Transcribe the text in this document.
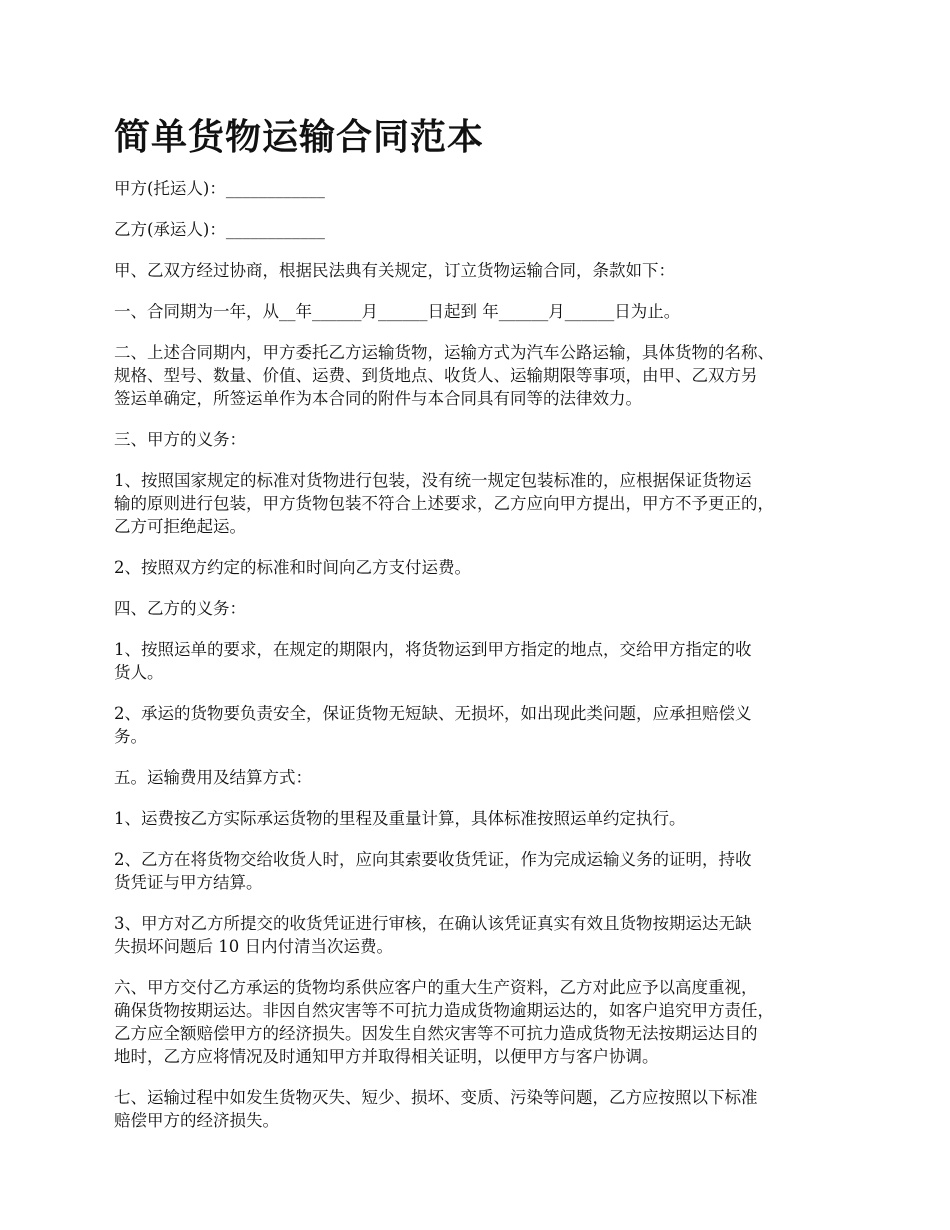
简单货物运输合同范本

甲方(托运人)：____________

乙方(承运人)：____________

甲、乙双方经过协商，根据民法典有关规定，订立货物运输合同，条款如下：

一、合同期为一年，从__年______月______日起到 年______月______日为止。

二、上述合同期内，甲方委托乙方运输货物，运输方式为汽车公路运输，具体货物的名称、
规格、型号、数量、价值、运费、到货地点、收货人、运输期限等事项，由甲、乙双方另
签运单确定，所签运单作为本合同的附件与本合同具有同等的法律效力。

三、甲方的义务：

1、按照国家规定的标准对货物进行包装，没有统一规定包装标准的，应根据保证货物运
输的原则进行包装，甲方货物包装不符合上述要求，乙方应向甲方提出，甲方不予更正的，
乙方可拒绝起运。

2、按照双方约定的标准和时间向乙方支付运费。

四、乙方的义务：

1、按照运单的要求，在规定的期限内，将货物运到甲方指定的地点，交给甲方指定的收
货人。

2、承运的货物要负责安全，保证货物无短缺、无损坏，如出现此类问题，应承担赔偿义
务。

五。运输费用及结算方式：

1、运费按乙方实际承运货物的里程及重量计算，具体标准按照运单约定执行。

2、乙方在将货物交给收货人时，应向其索要收货凭证，作为完成运输义务的证明，持收
货凭证与甲方结算。

3、甲方对乙方所提交的收货凭证进行审核，在确认该凭证真实有效且货物按期运达无缺
失损坏问题后 10 日内付清当次运费。

六、甲方交付乙方承运的货物均系供应客户的重大生产资料，乙方对此应予以高度重视，
确保货物按期运达。非因自然灾害等不可抗力造成货物逾期运达的，如客户追究甲方责任，
乙方应全额赔偿甲方的经济损失。因发生自然灾害等不可抗力造成货物无法按期运达目的
地时，乙方应将情况及时通知甲方并取得相关证明，以便甲方与客户协调。

七、运输过程中如发生货物灭失、短少、损坏、变质、污染等问题，乙方应按照以下标准
赔偿甲方的经济损失。
